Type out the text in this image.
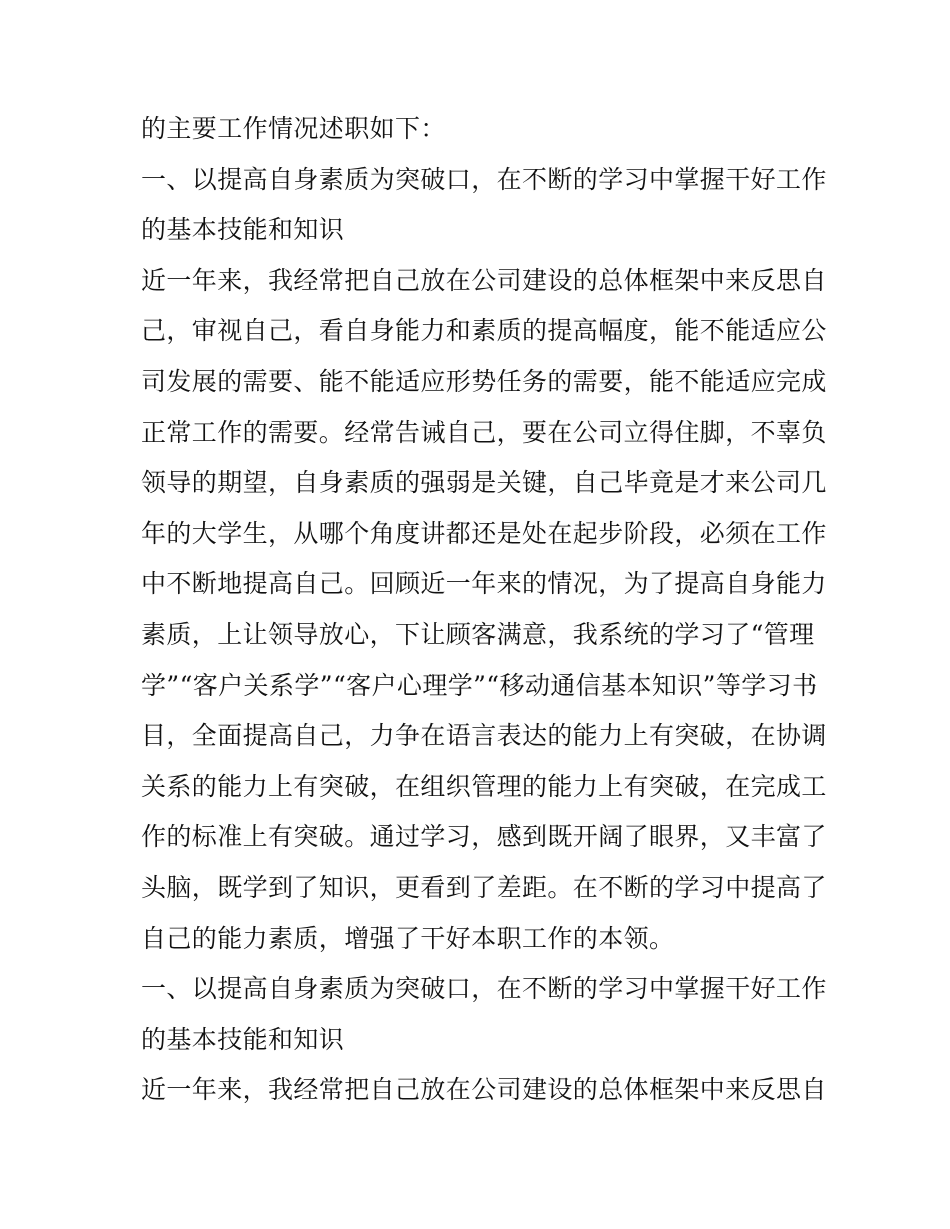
的主要工作情况述职如下：
一、以提高自身素质为突破口，在不断的学习中掌握干好工作
的基本技能和知识
近一年来，我经常把自己放在公司建设的总体框架中来反思自
己，审视自己，看自身能力和素质的提高幅度，能不能适应公
司发展的需要、能不能适应形势任务的需要，能不能适应完成
正常工作的需要。经常告诫自己，要在公司立得住脚，不辜负
领导的期望，自身素质的强弱是关键，自己毕竟是才来公司几
年的大学生，从哪个角度讲都还是处在起步阶段，必须在工作
中不断地提高自己。回顾近一年来的情况，为了提高自身能力
素质，上让领导放心，下让顾客满意，我系统的学习了“管理
学”“客户关系学”“客户心理学”“移动通信基本知识”等学习书
目，全面提高自己，力争在语言表达的能力上有突破，在协调
关系的能力上有突破，在组织管理的能力上有突破，在完成工
作的标准上有突破。通过学习，感到既开阔了眼界，又丰富了
头脑，既学到了知识，更看到了差距。在不断的学习中提高了
自己的能力素质，增强了干好本职工作的本领。
一、以提高自身素质为突破口，在不断的学习中掌握干好工作
的基本技能和知识
近一年来，我经常把自己放在公司建设的总体框架中来反思自
